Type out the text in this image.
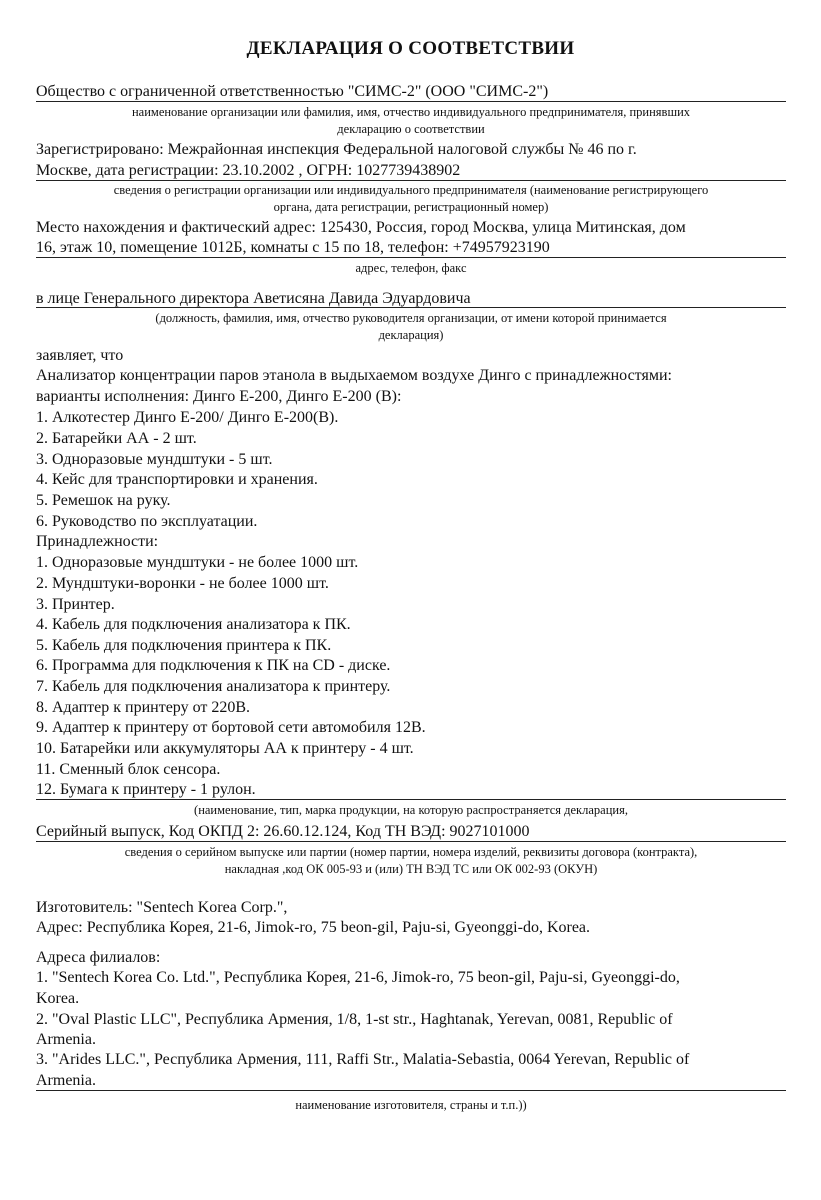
ДЕКЛАРАЦИЯ О СООТВЕТСТВИИ
Общество с ограниченной ответственностью "СИМС-2" (ООО "СИМС-2")
наименование организации или фамилия, имя, отчество индивидуального предпринимателя, принявших
декларацию о соответствии
Зарегистрировано: Межрайонная инспекция Федеральной налоговой службы № 46 по г.
Москве, дата регистрации: 23.10.2002 , ОГРН: 1027739438902
сведения о регистрации организации или индивидуального предпринимателя (наименование регистрирующего
органа, дата регистрации, регистрационный номер)
Место нахождения и фактический адрес: 125430, Россия, город Москва, улица Митинская, дом
16, этаж 10, помещение 1012Б, комнаты с 15 по 18, телефон: +74957923190
адрес, телефон, факс
в лице Генерального директора Аветисяна Давида Эдуардовича
(должность, фамилия, имя, отчество руководителя организации, от имени которой принимается
декларация)
заявляет, что
Анализатор концентрации паров этанола в выдыхаемом воздухе Динго с принадлежностями:
варианты исполнения: Динго Е-200, Динго Е-200 (В):
1. Алкотестер Динго Е-200/ Динго Е-200(В).
2. Батарейки АА - 2 шт.
3. Одноразовые мундштуки - 5 шт.
4. Кейс для транспортировки и хранения.
5. Ремешок на руку.
6. Руководство по эксплуатации.
Принадлежности:
1. Одноразовые мундштуки - не более 1000 шт.
2. Мундштуки-воронки - не более 1000 шт.
3. Принтер.
4. Кабель для подключения анализатора к ПК.
5. Кабель для подключения принтера к ПК.
6. Программа для подключения к ПК на CD - диске.
7. Кабель для подключения анализатора к принтеру.
8. Адаптер к принтеру от 220В.
9. Адаптер к принтеру от бортовой сети автомобиля 12В.
10. Батарейки или аккумуляторы АА к принтеру - 4 шт.
11. Сменный блок сенсора.
12. Бумага к принтеру - 1 рулон.
(наименование, тип, марка продукции, на которую распространяется декларация,
Серийный выпуск, Код ОКПД 2: 26.60.12.124, Код ТН ВЭД: 9027101000
сведения о серийном выпуске или партии (номер партии, номера изделий, реквизиты договора (контракта),
накладная ,код ОК 005-93 и (или) ТН ВЭД ТС или ОК 002-93 (ОКУН)
Изготовитель: "Sentech Korea Corp.",
Адрес: Республика Корея, 21-6, Jimok-ro, 75 beon-gil, Paju-si, Gyeonggi-do, Korea.
Адреса филиалов:
1. "Sentech Korea Co. Ltd.", Республика Корея, 21-6, Jimok-ro, 75 beon-gil, Paju-si, Gyeonggi-do,
Korea.
2. "Oval Plastic LLC", Республика Армения, 1/8, 1-st str., Haghtanak, Yerevan, 0081, Republic of
Armenia.
3. "Arides LLC.", Республика Армения, 111, Raffi Str., Malatia-Sebastia, 0064 Yerevan, Republic of
Armenia.
наименование изготовителя, страны и т.п.))
